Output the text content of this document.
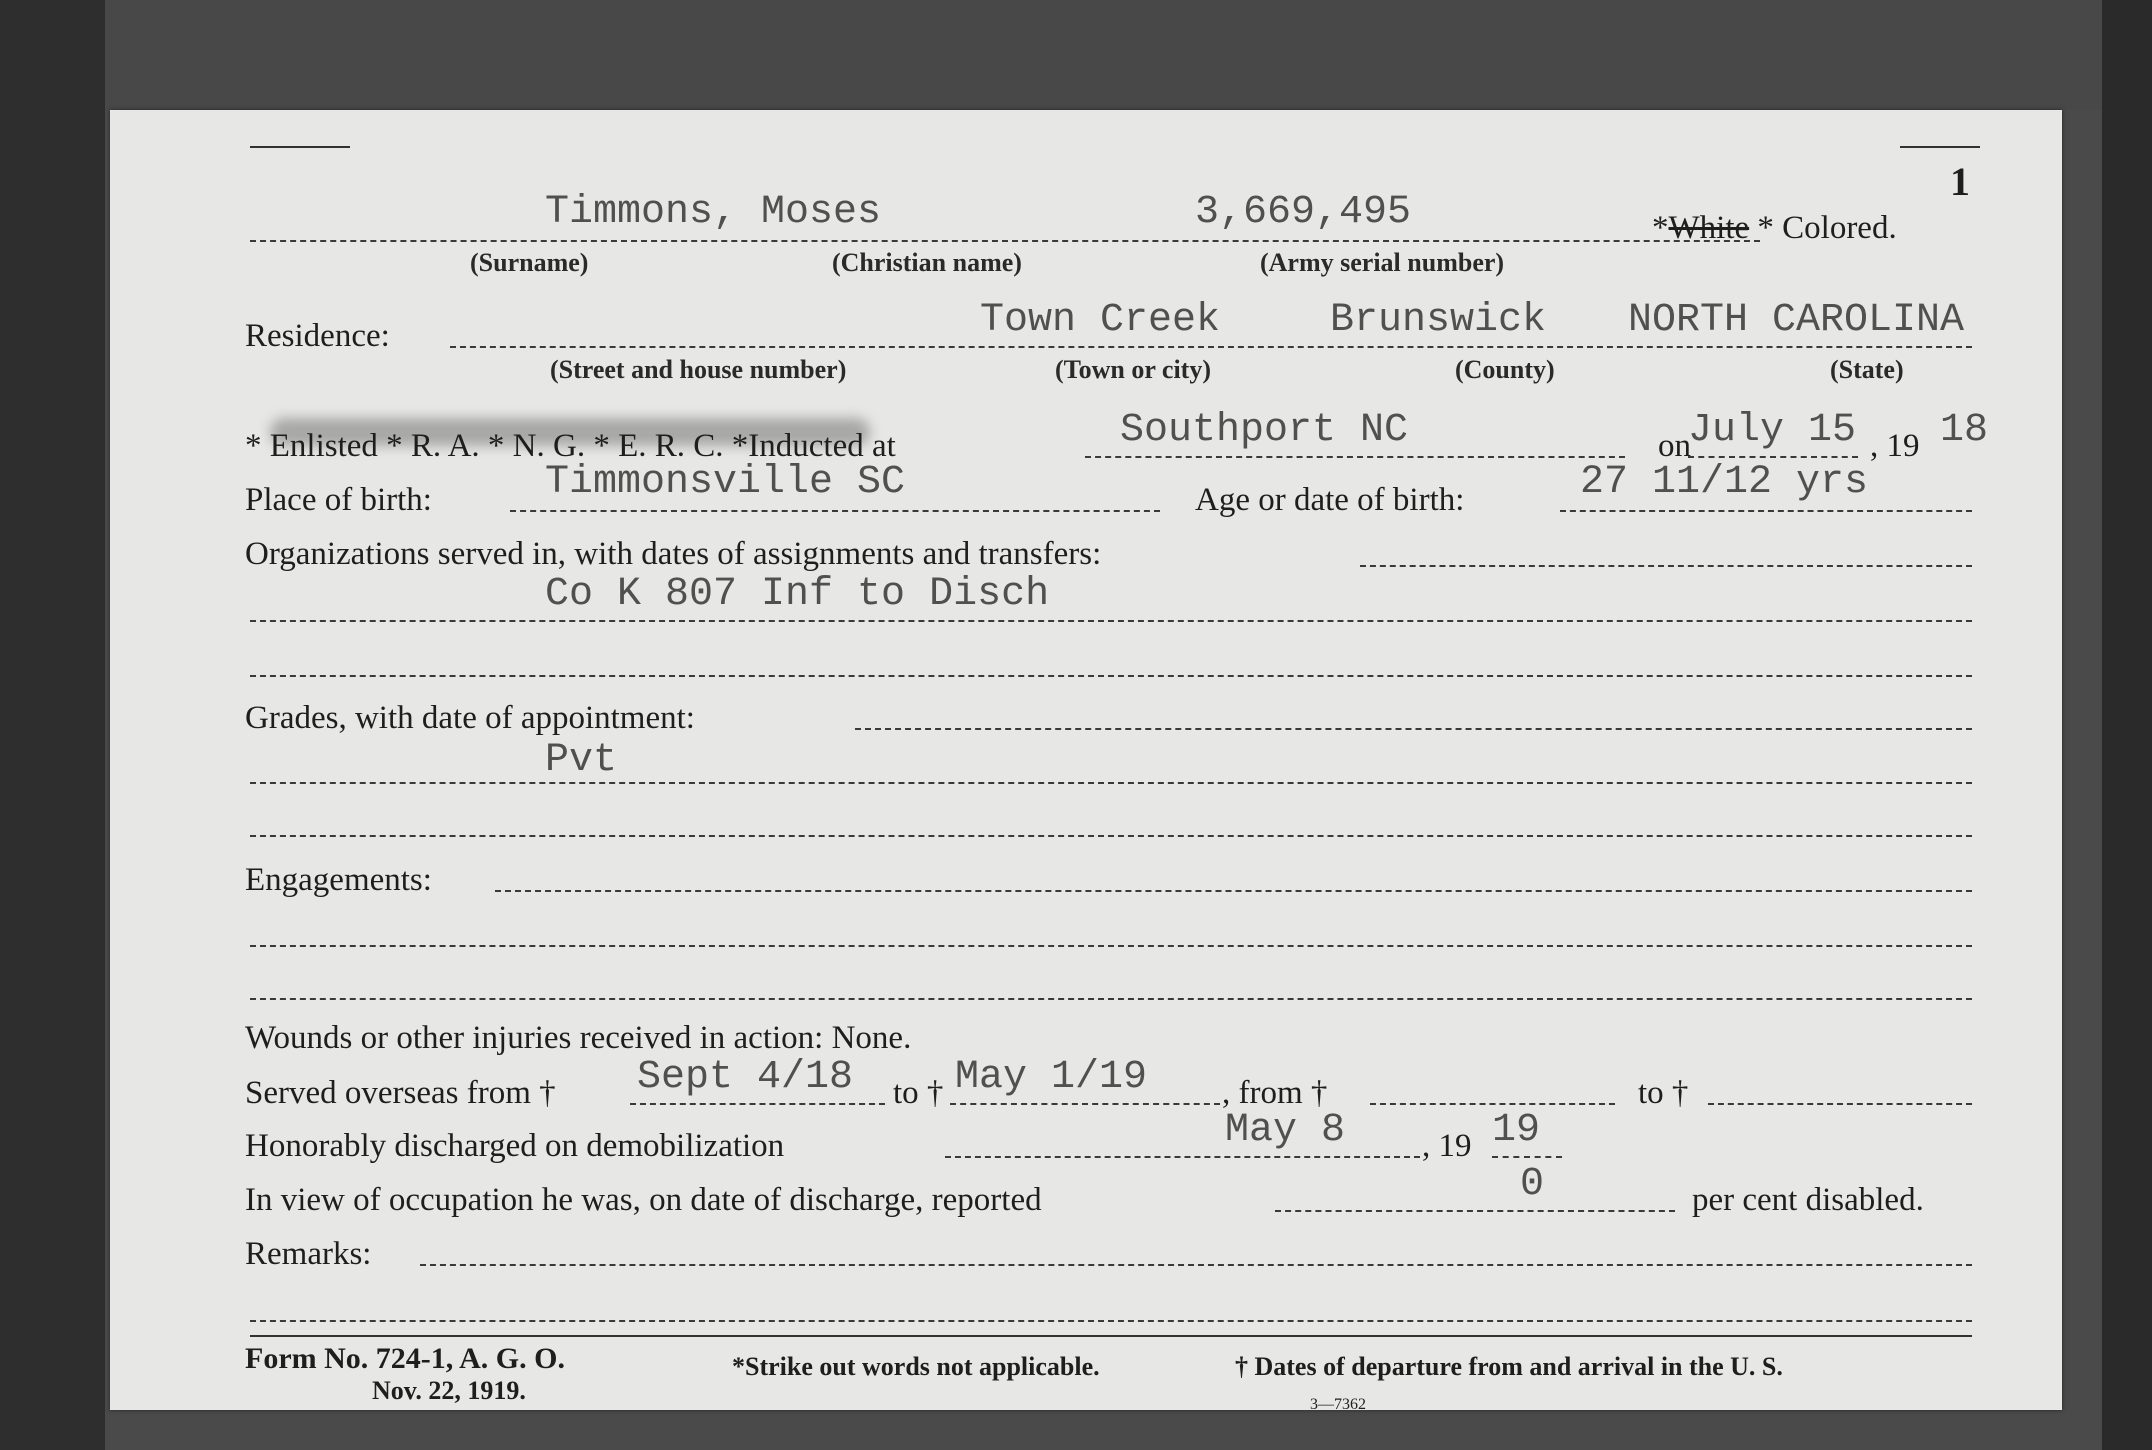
1
Timmons, Moses	3,669,495	*White * Colored.
(Surname)	(Christian name)	(Army serial number)
Residence:	Town Creek	Brunswick NORTH CAROLINA
(Street and house number)	(Town or city)	(County)	(State)
* Enlisted * R. A. * N. G. * E. R. C. *Inducted at	Southport NC	on
July 15 , 19 18
Place of birth:	Timmonsville SC	Age or date of birth:	27 11/12 yrs
Organizations served in, with dates of assignments and transfers:
Co K 807 Inf to Disch
Grades, with date of appointment:
Pvt
Engagements:
Wounds or other injuries received in action: None.
Served overseas from † Sept 4/18 to † May 1/19 , from †	to †
Honorably discharged on demobilization	May 8 , 19 19
In view of occupation he was, on date of discharge, reported	0	per cent disabled.
Remarks:
Form No. 724-1, A. G. O.
Nov. 22, 1919.
*Strike out words not applicable.	† Dates of departure from and arrival in the U. S.
3—7362
